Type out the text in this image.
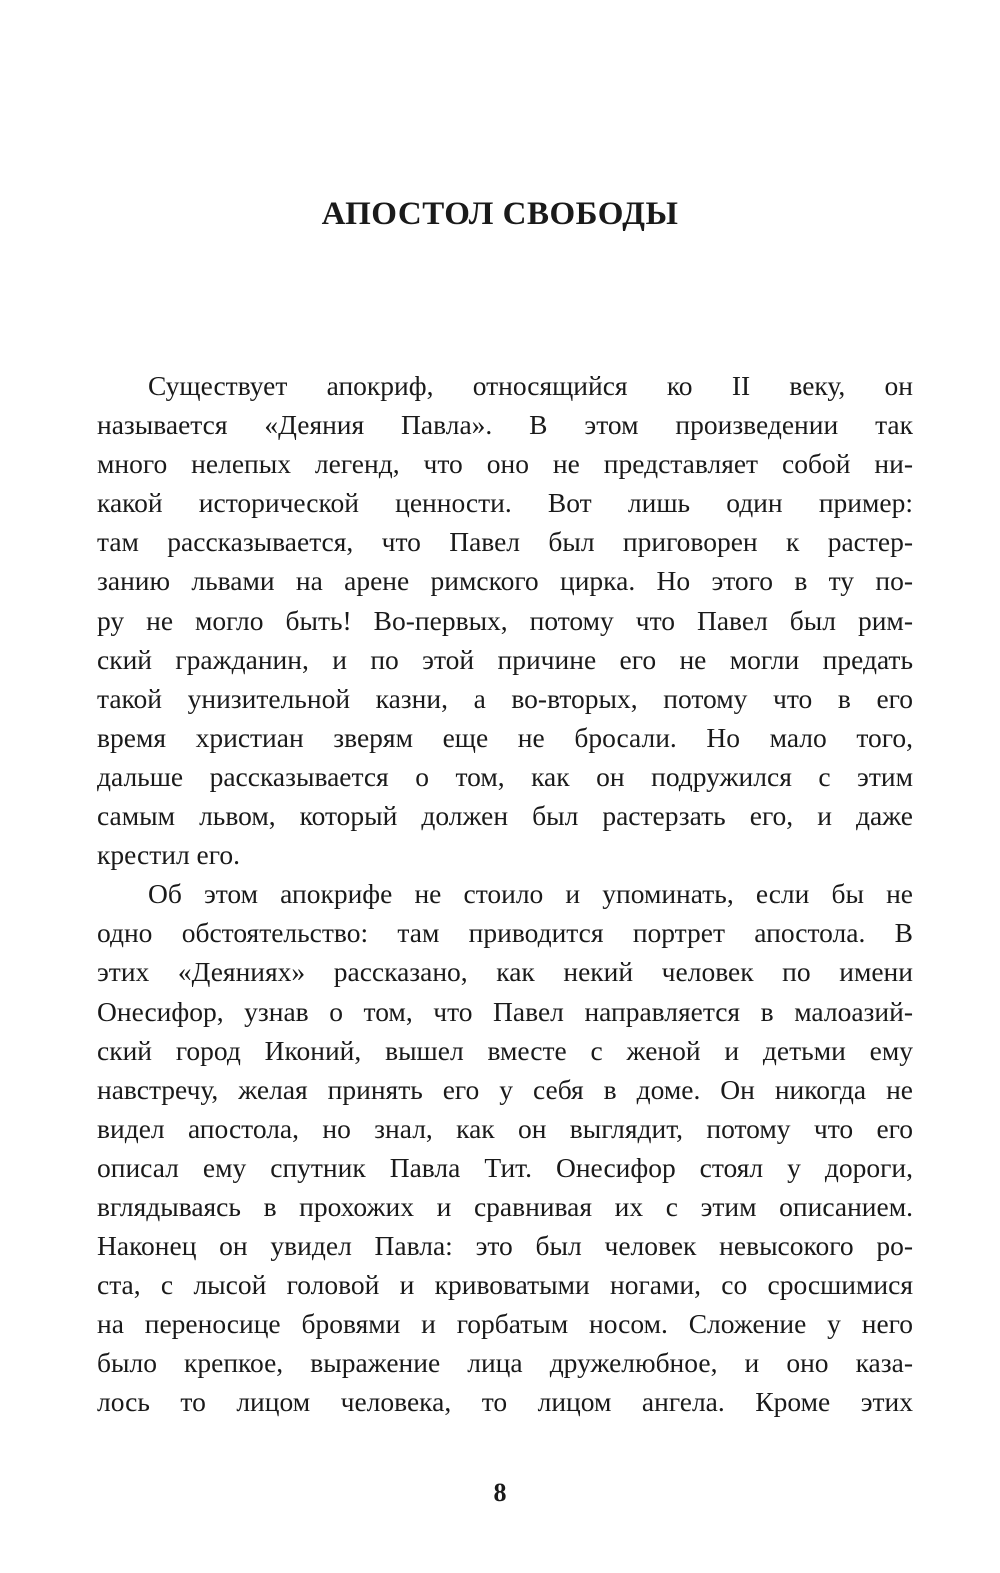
АПОСТОЛ СВОБОДЫ
Существует апокриф, относящийся ко II веку, он
называется «Деяния Павла». В этом произведении так
много нелепых легенд, что оно не представляет собой ни-
какой исторической ценности. Вот лишь один пример:
там рассказывается, что Павел был приговорен к растер-
занию львами на арене римского цирка. Но этого в ту по-
ру не могло быть! Во-первых, потому что Павел был рим-
ский гражданин, и по этой причине его не могли предать
такой унизительной казни, а во-вторых, потому что в его
время христиан зверям еще не бросали. Но мало того,
дальше рассказывается о том, как он подружился с этим
самым львом, который должен был растерзать его, и даже
крестил его.
Об этом апокрифе не стоило и упоминать, если бы не
одно обстоятельство: там приводится портрет апостола. В
этих «Деяниях» рассказано, как некий человек по имени
Онесифор, узнав о том, что Павел направляется в малоазий-
ский город Иконий, вышел вместе с женой и детьми ему
навстречу, желая принять его у себя в доме. Он никогда не
видел апостола, но знал, как он выглядит, потому что его
описал ему спутник Павла Тит. Онесифор стоял у дороги,
вглядываясь в прохожих и сравнивая их с этим описанием.
Наконец он увидел Павла: это был человек невысокого ро-
ста, с лысой головой и кривоватыми ногами, со сросшимися
на переносице бровями и горбатым носом. Сложение у него
было крепкое, выражение лица дружелюбное, и оно каза-
лось то лицом человека, то лицом ангела. Кроме этих
8
